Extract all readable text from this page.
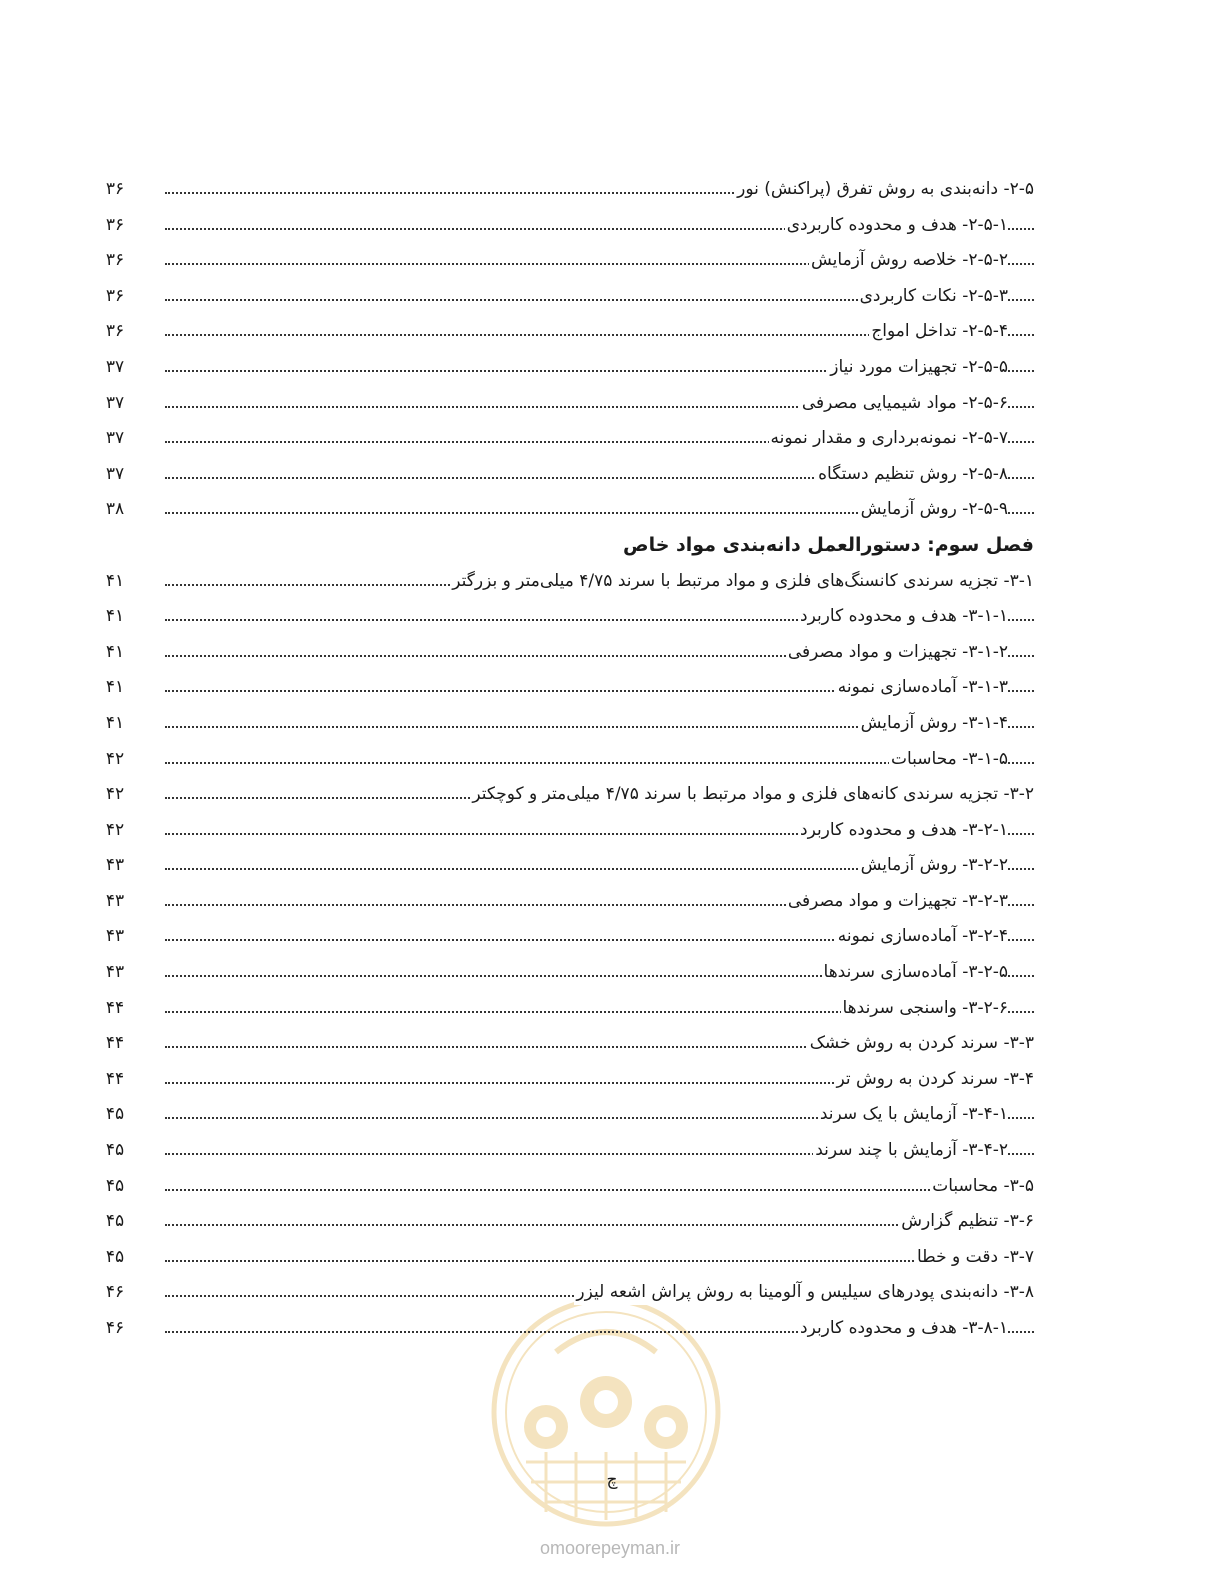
۲-۵- دانه‌بندی به روش تفرق (پراکنش) نور
۳۶
۲-۵-۱- هدف و محدوده کاربردی
۳۶
۲-۵-۲- خلاصه روش آزمایش
۳۶
۲-۵-۳- نکات کاربردی
۳۶
۲-۵-۴- تداخل امواج
۳۶
۲-۵-۵- تجهیزات مورد نیاز
۳۷
۲-۵-۶- مواد شیمیایی مصرفی
۳۷
۲-۵-۷- نمونه‌برداری و مقدار نمونه
۳۷
۲-۵-۸- روش تنظیم دستگاه
۳۷
۲-۵-۹- روش آزمایش
۳۸
فصل سوم: دستورالعمل دانه‌بندی مواد خاص
۳-۱- تجزیه سرندی کانسنگ‌های فلزی و مواد مرتبط با سرند ۴/۷۵ میلی‌متر و بزرگتر
۴۱
۳-۱-۱- هدف و محدوده کاربرد
۴۱
۳-۱-۲- تجهیزات و مواد مصرفی
۴۱
۳-۱-۳- آماده‌سازی نمونه
۴۱
۳-۱-۴- روش آزمایش
۴۱
۳-۱-۵- محاسبات
۴۲
۳-۲- تجزیه سرندی کانه‌های فلزی و مواد مرتبط با سرند ۴/۷۵ میلی‌متر و کوچکتر
۴۲
۳-۲-۱- هدف و محدوده کاربرد
۴۲
۳-۲-۲- روش آزمایش
۴۳
۳-۲-۳- تجهیزات و مواد مصرفی
۴۳
۳-۲-۴- آماده‌سازی نمونه
۴۳
۳-۲-۵- آماده‌سازی سرندها
۴۳
۳-۲-۶- واسنجی سرندها
۴۴
۳-۳- سرند کردن به روش خشک
۴۴
۳-۴- سرند کردن به روش تر
۴۴
۳-۴-۱- آزمایش با یک سرند
۴۵
۳-۴-۲- آزمایش با چند سرند
۴۵
۳-۵- محاسبات
۴۵
۳-۶- تنظیم گزارش
۴۵
۳-۷- دقت و خطا
۴۵
۳-۸- دانه‌بندی پودرهای سیلیس و آلومینا به روش پراش اشعه لیزر
۴۶
۳-۸-۱- هدف و محدوده کاربرد
۴۶
چ
omoorepeyman.ir
